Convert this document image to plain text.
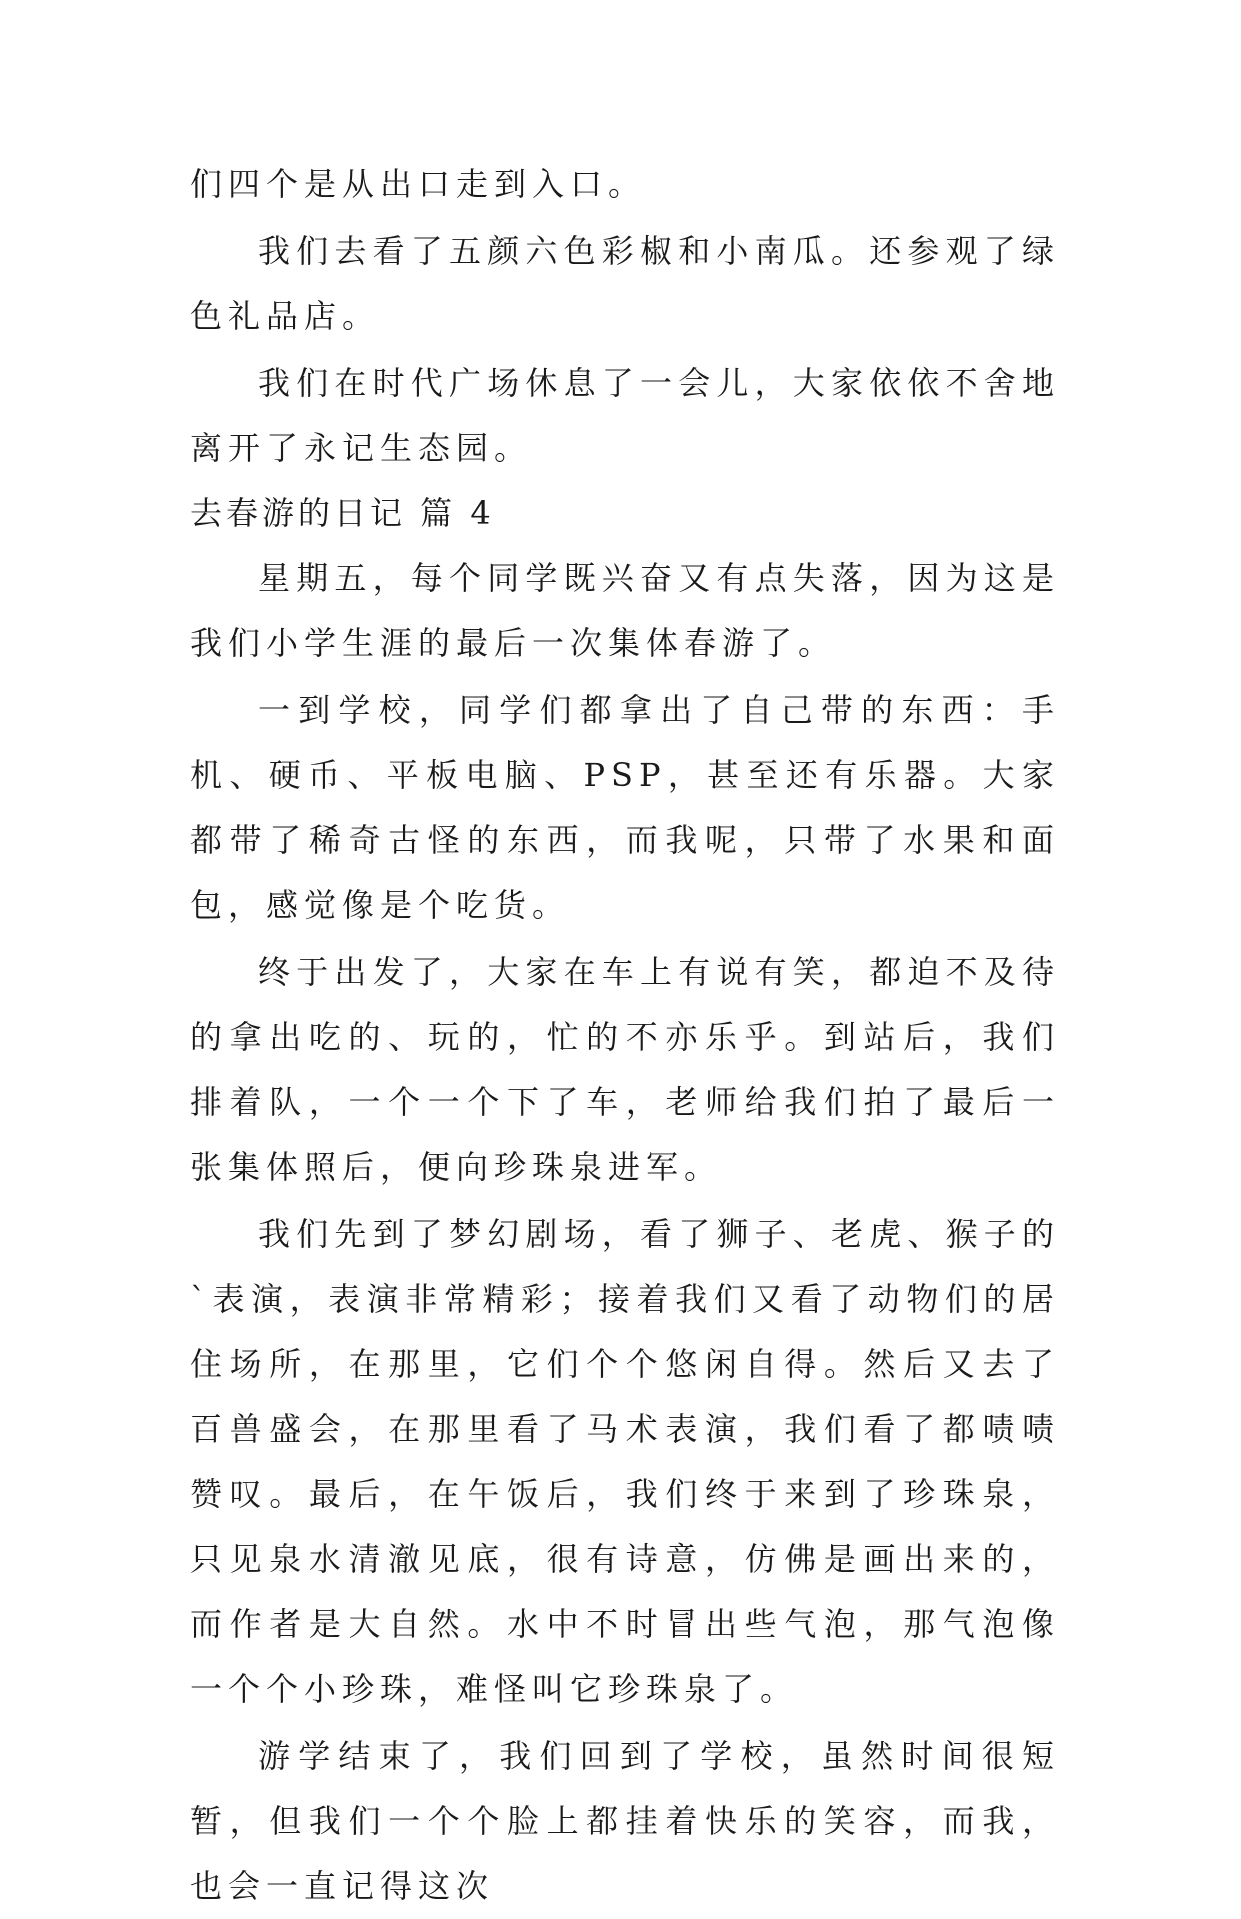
们四个是从出口走到入口。

我们去看了五颜六色彩椒和小南瓜。还参观了绿色礼品店。

我们在时代广场休息了一会儿，大家依依不舍地离开了永记生态园。

去春游的日记 篇 4

星期五，每个同学既兴奋又有点失落，因为这是我们小学生涯的最后一次集体春游了。

一到学校，同学们都拿出了自己带的东西：手机、硬币、平板电脑、PSP，甚至还有乐器。大家都带了稀奇古怪的东西，而我呢，只带了水果和面包，感觉像是个吃货。

终于出发了，大家在车上有说有笑，都迫不及待的拿出吃的、玩的，忙的不亦乐乎。到站后，我们排着队，一个一个下了车，老师给我们拍了最后一张集体照后，便向珍珠泉进军。

我们先到了梦幻剧场，看了狮子、老虎、猴子的`表演，表演非常精彩；接着我们又看了动物们的居住场所，在那里，它们个个悠闲自得。然后又去了百兽盛会，在那里看了马术表演，我们看了都啧啧赞叹。最后，在午饭后，我们终于来到了珍珠泉，只见泉水清澈见底，很有诗意，仿佛是画出来的，而作者是大自然。水中不时冒出些气泡，那气泡像一个个小珍珠，难怪叫它珍珠泉了。

游学结束了，我们回到了学校，虽然时间很短暂，但我们一个个脸上都挂着快乐的笑容，而我，也会一直记得这次
